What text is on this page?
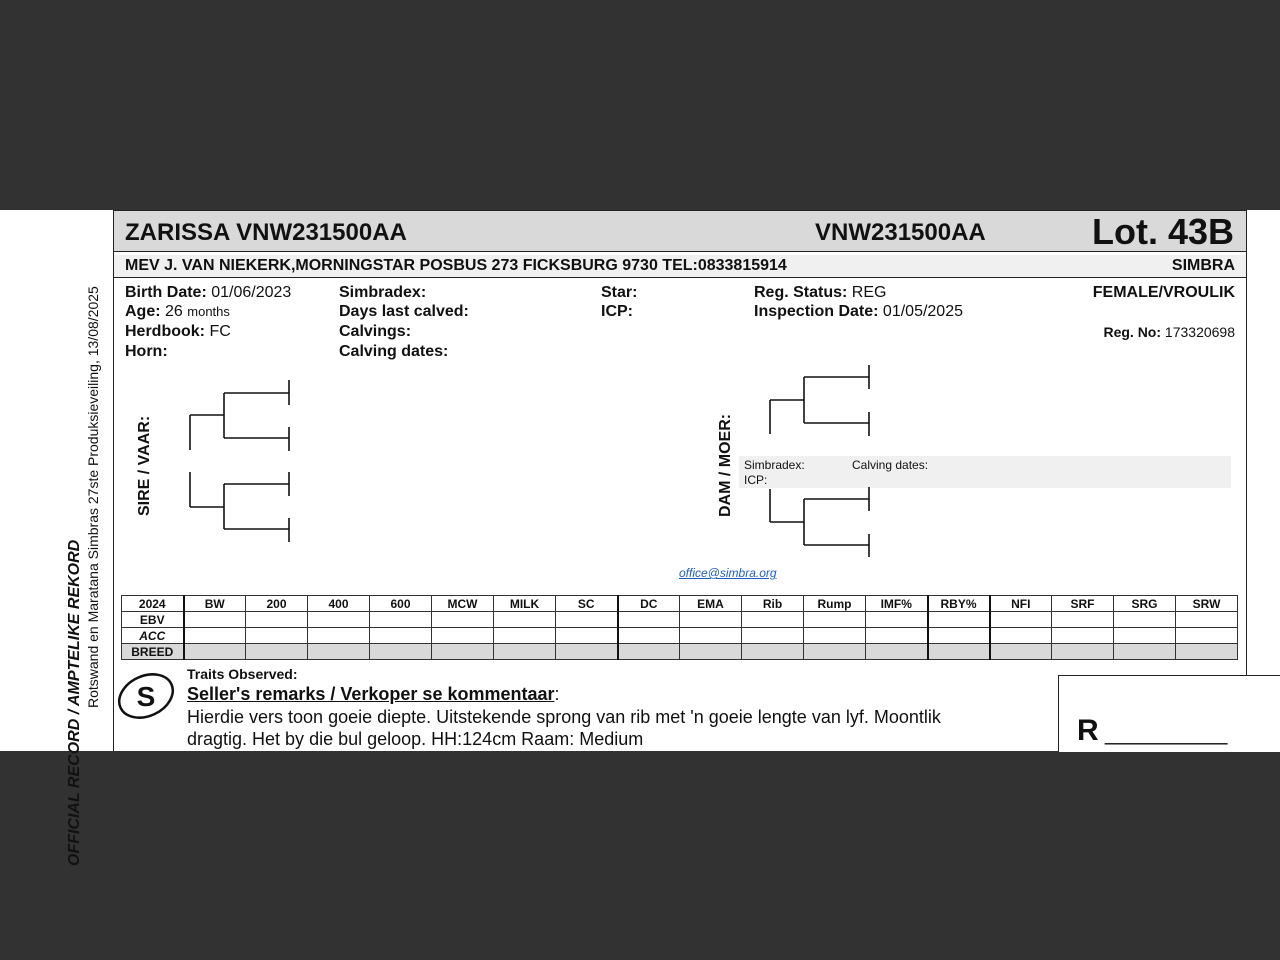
OFFICIAL RECORD / AMPTELIKE REKORD Rotswand en Maratana Simbras 27ste Produksieveiling, 13/08/2025
ZARISSA VNW231500AA	VNW231500AA	Lot. 43B
MEV J. VAN NIEKERK,MORNINGSTAR POSBUS 273 FICKSBURG 9730 TEL:0833815914	SIMBRA
Birth Date: 01/06/2023
Age: 26 months
Herdbook: FC
Horn:
Simbradex:
Days last calved:
Calvings:
Calving dates:
Star:
ICP:
Reg. Status: REG
Inspection Date: 01/05/2025
FEMALE/VROULIK
Reg. No: 173320698
SIRE / VAAR:	DAM / MOER: Simbradex:	Calving dates:
ICP:
office@simbra.org
2024	BW	200	400	600	MCW	MILK	SC	DC	EMA	Rib	Rump	IMF%	RBY%	NFI	SRF	SRG	SRW
EBV																	
ACC																	
BREED																	
S
Traits Observed:
Seller's remarks / Verkoper se kommentaar:
Hierdie vers toon goeie diepte. Uitstekende sprong van rib met 'n goeie lengte van lyf. Moontlik
dragtig. Het by die bul geloop. HH:124cm Raam: Medium	R __________
